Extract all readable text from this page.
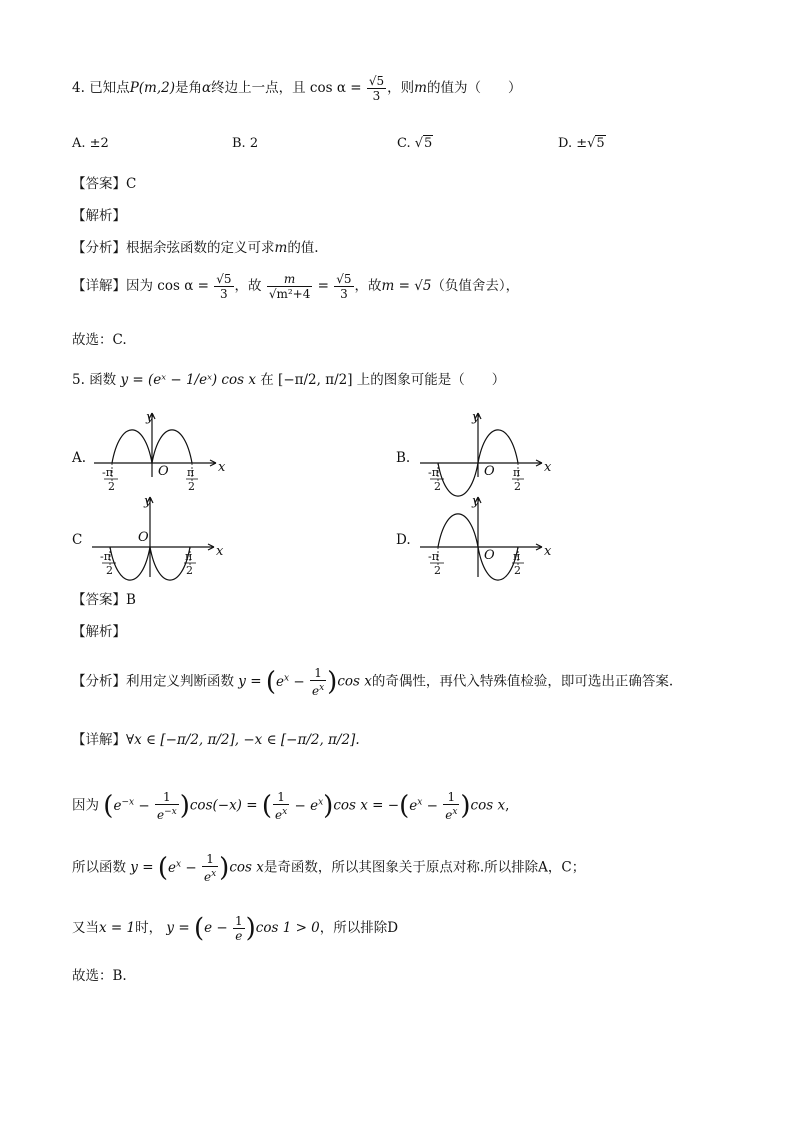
4. 已知点P(m,2)是角α终边上一点，且 $\cos \alpha = \frac{√5}{3}$ ，则m的值为（　　）
A. ±2	B. 2	C. √5	D. ±√5
【答案】C
【解析】
【分析】根据余弦函数的定义可求m的值.
【详解】因为 $\cos \alpha = \frac{√5}{3}$ ，故 $\frac{m}{\text{√m²+4}} = \frac{√5}{3}$ ，故m = √5（负值舍去），
故选：C.
5. 函数 y = (eˣ − 1/eˣ) cos x 在 [−π/2, π/2] 上的图象可能是（　　）
A.	B.
C	D.
y
x
O
-π
2
π
2
y
x
O
-π
2
π
2
y
x
O
-π
2
π
2
y
x
O
-π
2
π
2
【答案】B
【解析】
【分析】利用定义判断函数 $y = (e^x - \frac{1}{e^x} )\cos$ x的奇偶性，再代入特殊值检验，即可选出正确答案.
【详解】∀x ∈ [−π/2, π/2], −x ∈ [−π/2, π/2].
因为 $(e^{-x} - \frac{1}{e^{-x}} )\cos(-x)$ = ( $\frac{1}{e^x} - e^x)\cos$ $x = -(e^x - \frac{1}{e^x} )\cos$ x,
所以函数 $y = (e^x - \frac{1}{e^x} )\cos$ x是奇函数，所以其图象关于原点对称.所以排除A，C；
又当x = 1时， $y = (e - \frac{1}{e} )\cos$ 1 > 0，所以排除D
故选：B.
